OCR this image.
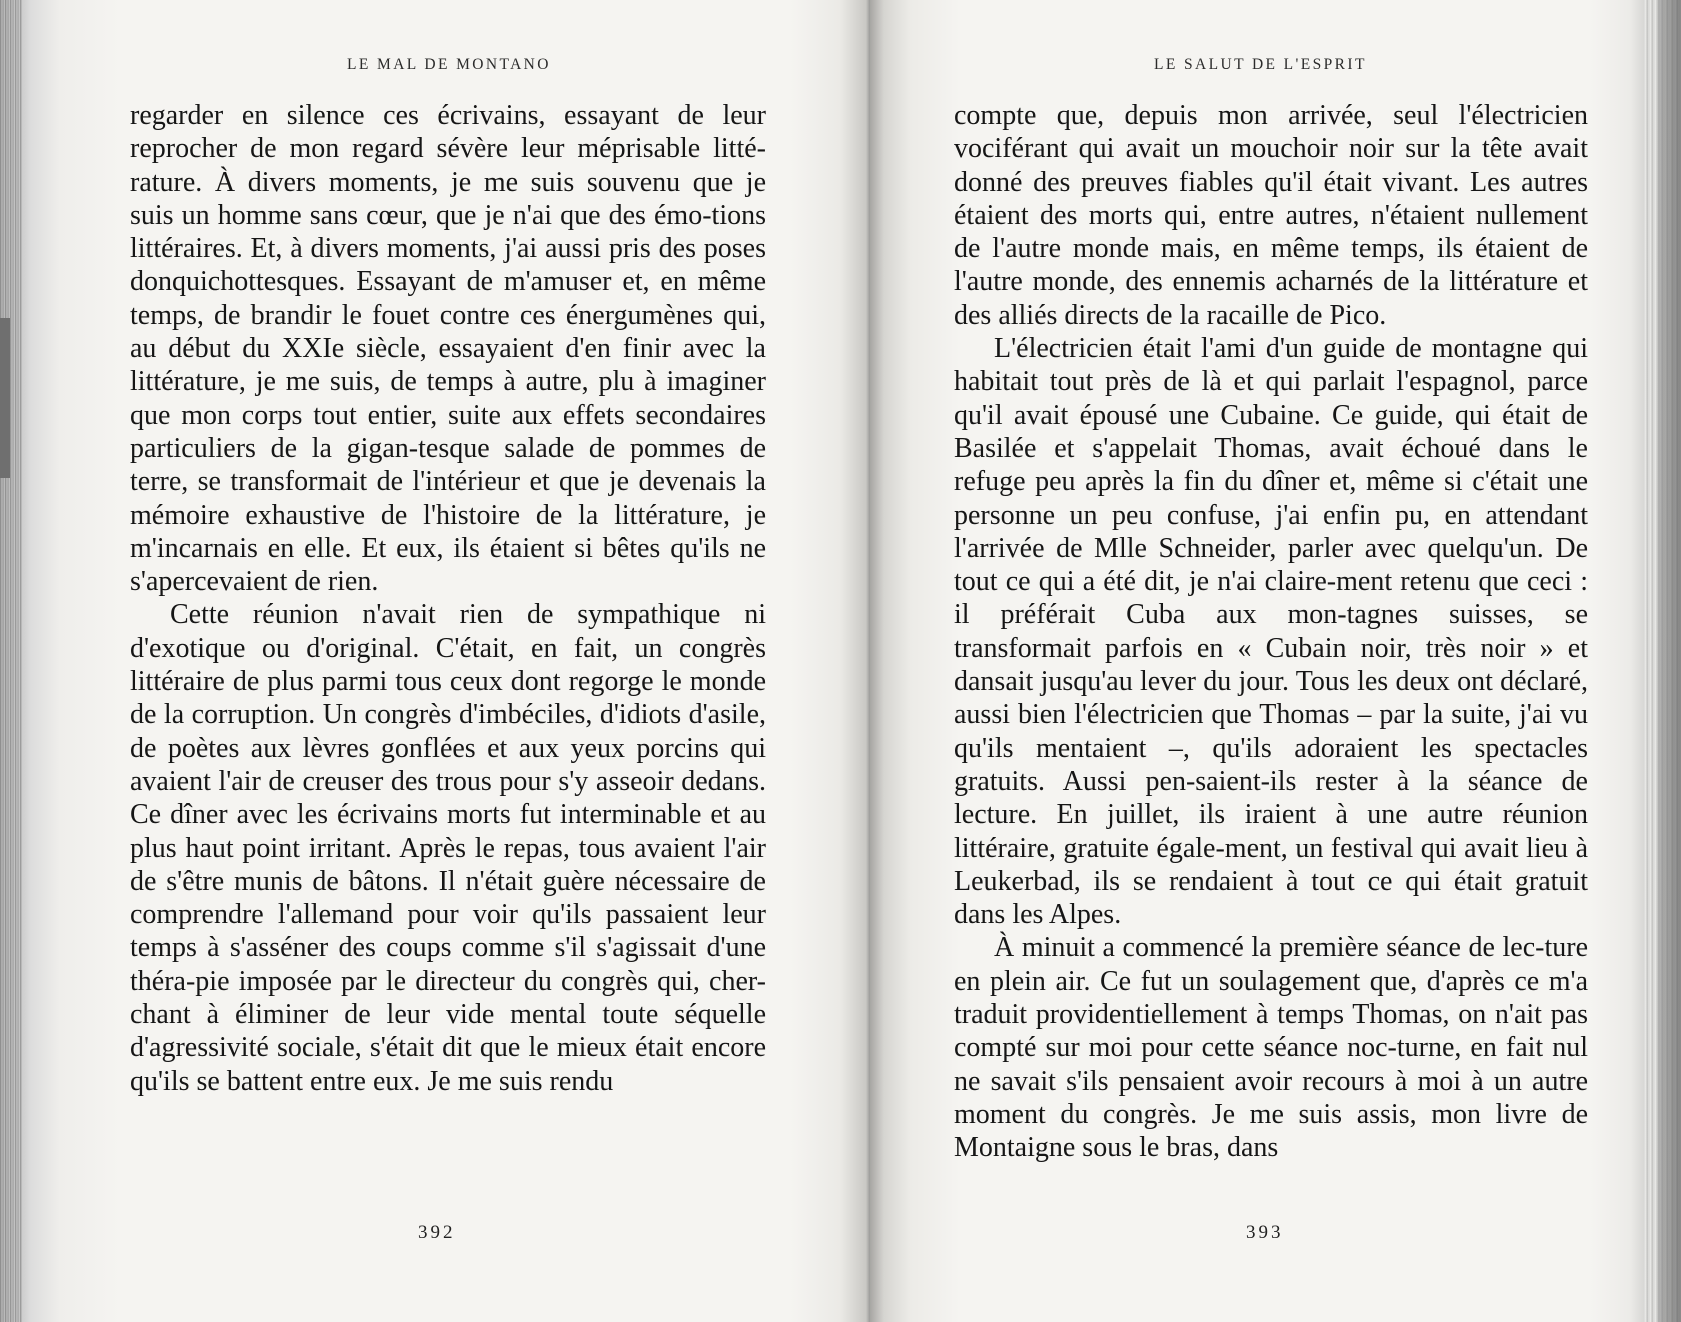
LE MAL DE MONTANO

regarder en silence ces écrivains, essayant de leur reprocher de mon regard sévère leur méprisable litté-rature. À divers moments, je me suis souvenu que je suis un homme sans cœur, que je n'ai que des émo-tions littéraires. Et, à divers moments, j'ai aussi pris des poses donquichottesques. Essayant de m'amuser et, en même temps, de brandir le fouet contre ces énergumènes qui, au début du XXIe siècle, essayaient d'en finir avec la littérature, je me suis, de temps à autre, plu à imaginer que mon corps tout entier, suite aux effets secondaires particuliers de la gigan-tesque salade de pommes de terre, se transformait de l'intérieur et que je devenais la mémoire exhaustive de l'histoire de la littérature, je m'incarnais en elle. Et eux, ils étaient si bêtes qu'ils ne s'apercevaient de rien.

Cette réunion n'avait rien de sympathique ni d'exotique ou d'original. C'était, en fait, un congrès littéraire de plus parmi tous ceux dont regorge le monde de la corruption. Un congrès d'imbéciles, d'idiots d'asile, de poètes aux lèvres gonflées et aux yeux porcins qui avaient l'air de creuser des trous pour s'y asseoir dedans. Ce dîner avec les écrivains morts fut interminable et au plus haut point irritant. Après le repas, tous avaient l'air de s'être munis de bâtons. Il n'était guère nécessaire de comprendre l'allemand pour voir qu'ils passaient leur temps à s'asséner des coups comme s'il s'agissait d'une théra-pie imposée par le directeur du congrès qui, cher-chant à éliminer de leur vide mental toute séquelle d'agressivité sociale, s'était dit que le mieux était encore qu'ils se battent entre eux. Je me suis rendu

392
LE SALUT DE L'ESPRIT

compte que, depuis mon arrivée, seul l'électricien vociférant qui avait un mouchoir noir sur la tête avait donné des preuves fiables qu'il était vivant. Les autres étaient des morts qui, entre autres, n'étaient nullement de l'autre monde mais, en même temps, ils étaient de l'autre monde, des ennemis acharnés de la littérature et des alliés directs de la racaille de Pico.

L'électricien était l'ami d'un guide de montagne qui habitait tout près de là et qui parlait l'espagnol, parce qu'il avait épousé une Cubaine. Ce guide, qui était de Basilée et s'appelait Thomas, avait échoué dans le refuge peu après la fin du dîner et, même si c'était une personne un peu confuse, j'ai enfin pu, en attendant l'arrivée de Mlle Schneider, parler avec quelqu'un. De tout ce qui a été dit, je n'ai claire-ment retenu que ceci : il préférait Cuba aux mon-tagnes suisses, se transformait parfois en « Cubain noir, très noir » et dansait jusqu'au lever du jour. Tous les deux ont déclaré, aussi bien l'électricien que Thomas – par la suite, j'ai vu qu'ils mentaient –, qu'ils adoraient les spectacles gratuits. Aussi pen-saient-ils rester à la séance de lecture. En juillet, ils iraient à une autre réunion littéraire, gratuite égale-ment, un festival qui avait lieu à Leukerbad, ils se rendaient à tout ce qui était gratuit dans les Alpes.

À minuit a commencé la première séance de lec-ture en plein air. Ce fut un soulagement que, d'après ce m'a traduit providentiellement à temps Thomas, on n'ait pas compté sur moi pour cette séance noc-turne, en fait nul ne savait s'ils pensaient avoir recours à moi à un autre moment du congrès. Je me suis assis, mon livre de Montaigne sous le bras, dans

393
